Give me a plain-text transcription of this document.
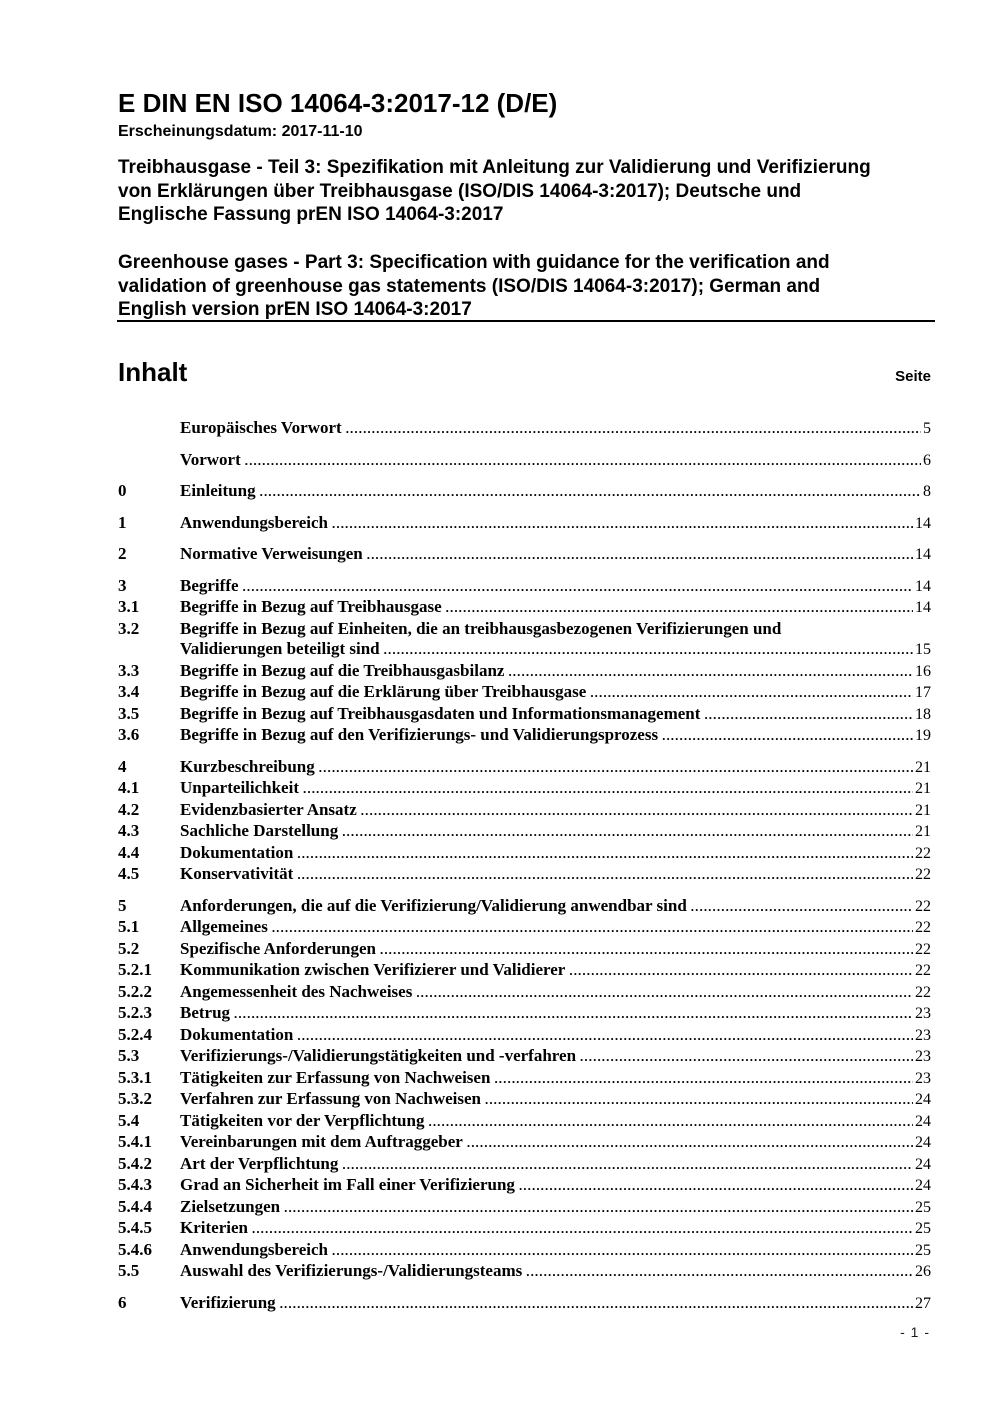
E DIN EN ISO 14064-3:2017-12 (D/E)
Erscheinungsdatum: 2017-11-10
Treibhausgase - Teil 3: Spezifikation mit Anleitung zur Validierung und Verifizierung
von Erklärungen über Treibhausgase (ISO/DIS 14064-3:2017); Deutsche und
Englische Fassung prEN ISO 14064-3:2017
Greenhouse gases - Part 3: Specification with guidance for the verification and
validation of greenhouse gas statements (ISO/DIS 14064-3:2017); German and
English version prEN ISO 14064-3:2017
Inhalt	Seite
Europäisches Vorwort .....	5
Vorwort .....	6
0	Einleitung .....	8
1	Anwendungsbereich .....	14
2	Normative Verweisungen .....	14
3	Begriffe .....	14
3.1	Begriffe in Bezug auf Treibhausgase .....	14
3.2	Begriffe in Bezug auf Einheiten, die an treibhausgasbezogenen Verifizierungen und
Validierungen beteiligt sind .....	15
3.3	Begriffe in Bezug auf die Treibhausgasbilanz .....	16
3.4	Begriffe in Bezug auf die Erklärung über Treibhausgase .....	17
3.5	Begriffe in Bezug auf Treibhausgasdaten und Informationsmanagement .....	18
3.6	Begriffe in Bezug auf den Verifizierungs- und Validierungsprozess .....	19
4	Kurzbeschreibung .....	21
4.1	Unparteilichkeit .....	21
4.2	Evidenzbasierter Ansatz .....	21
4.3	Sachliche Darstellung .....	21
4.4	Dokumentation .....	22
4.5	Konservativität .....	22
5	Anforderungen, die auf die Verifizierung/Validierung anwendbar sind .....	22
5.1	Allgemeines .....	22
5.2	Spezifische Anforderungen .....	22
5.2.1	Kommunikation zwischen Verifizierer und Validierer .....	22
5.2.2	Angemessenheit des Nachweises .....	22
5.2.3	Betrug .....	23
5.2.4	Dokumentation .....	23
5.3	Verifizierungs-/Validierungstätigkeiten und -verfahren .....	23
5.3.1	Tätigkeiten zur Erfassung von Nachweisen .....	23
5.3.2	Verfahren zur Erfassung von Nachweisen .....	24
5.4	Tätigkeiten vor der Verpflichtung .....	24
5.4.1	Vereinbarungen mit dem Auftraggeber .....	24
5.4.2	Art der Verpflichtung .....	24
5.4.3	Grad an Sicherheit im Fall einer Verifizierung .....	24
5.4.4	Zielsetzungen .....	25
5.4.5	Kriterien .....	25
5.4.6	Anwendungsbereich .....	25
5.5	Auswahl des Verifizierungs-/Validierungsteams .....	26
6	Verifizierung .....	27
- 1 -
